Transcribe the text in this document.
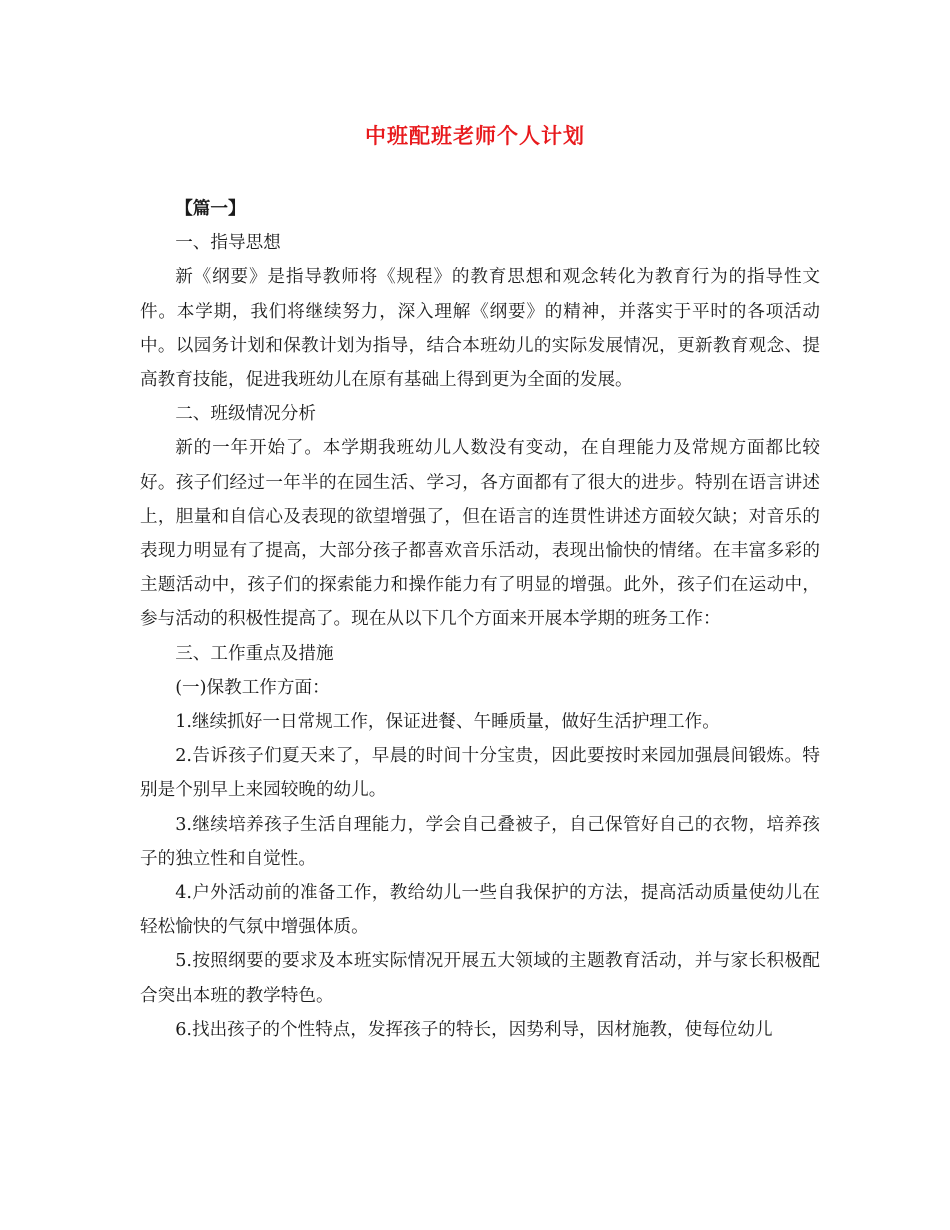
中班配班老师个人计划

【篇一】

一、指导思想

新《纲要》是指导教师将《规程》的教育思想和观念转化为教育行为的指导性文件。本学期，我们将继续努力，深入理解《纲要》的精神，并落实于平时的各项活动中。以园务计划和保教计划为指导，结合本班幼儿的实际发展情况，更新教育观念、提高教育技能，促进我班幼儿在原有基础上得到更为全面的发展。

二、班级情况分析

新的一年开始了。本学期我班幼儿人数没有变动，在自理能力及常规方面都比较好。孩子们经过一年半的在园生活、学习，各方面都有了很大的进步。特别在语言讲述上，胆量和自信心及表现的欲望增强了，但在语言的连贯性讲述方面较欠缺；对音乐的表现力明显有了提高，大部分孩子都喜欢音乐活动，表现出愉快的情绪。在丰富多彩的主题活动中，孩子们的探索能力和操作能力有了明显的增强。此外，孩子们在运动中，参与活动的积极性提高了。现在从以下几个方面来开展本学期的班务工作：

三、工作重点及措施

(一)保教工作方面：

1.继续抓好一日常规工作，保证进餐、午睡质量，做好生活护理工作。

2.告诉孩子们夏天来了，早晨的时间十分宝贵，因此要按时来园加强晨间锻炼。特别是个别早上来园较晚的幼儿。

3.继续培养孩子生活自理能力，学会自己叠被子，自己保管好自己的衣物，培养孩子的独立性和自觉性。

4.户外活动前的准备工作，教给幼儿一些自我保护的方法，提高活动质量使幼儿在轻松愉快的气氛中增强体质。

5.按照纲要的要求及本班实际情况开展五大领域的主题教育活动，并与家长积极配合突出本班的教学特色。

6.找出孩子的个性特点，发挥孩子的特长，因势利导，因材施教，使每位幼儿
